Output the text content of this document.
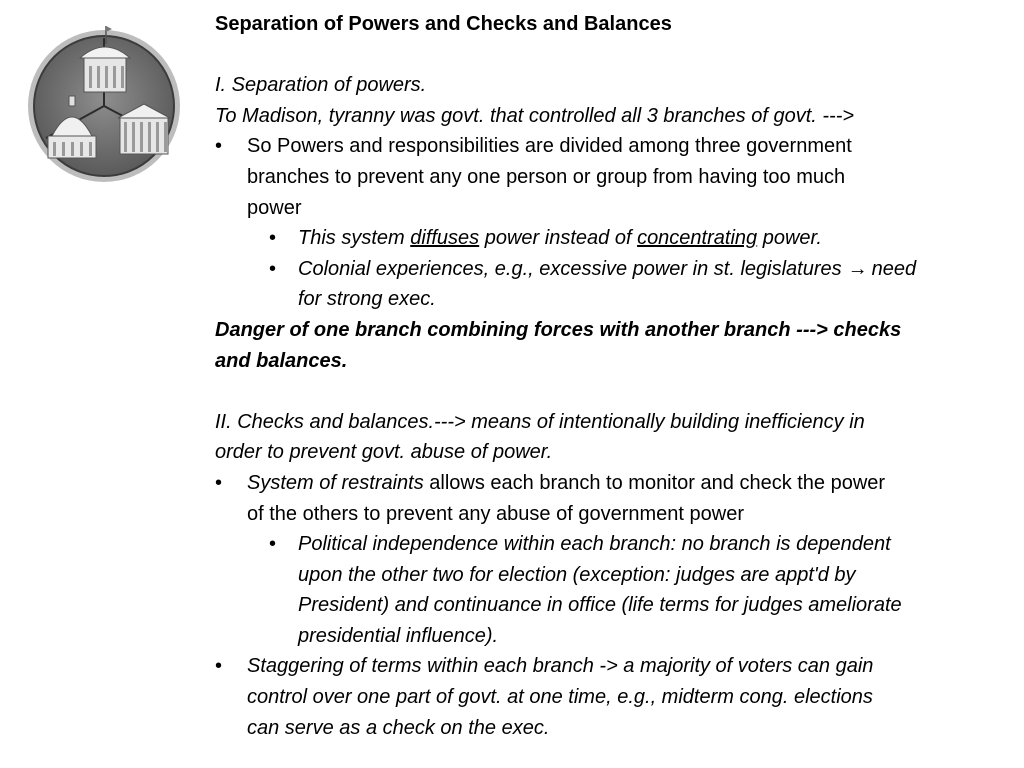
Separation of Powers and Checks and Balances
I. Separation of powers.
To Madison, tyranny was govt. that controlled all 3 branches of govt. --->
• So Powers and responsibilities are divided among three government
branches to prevent any one person or group from having too much
power
• This system diffuses power instead of concentrating power.
• Colonial experiences, e.g., excessive power in st. legislatures → need
for strong exec.
Danger of one branch combining forces with another branch ---> checks
and balances.
II. Checks and balances.---> means of intentionally building inefficiency in
order to prevent govt. abuse of power.
• System of restraints allows each branch to monitor and check the power
of the others to prevent any abuse of government power
• Political independence within each branch: no branch is dependent
upon the other two for election (exception: judges are appt'd by
President) and continuance in office (life terms for judges ameliorate
presidential influence).
• Staggering of terms within each branch -> a majority of voters can gain
control over one part of govt. at one time, e.g., midterm cong. elections
can serve as a check on the exec.
